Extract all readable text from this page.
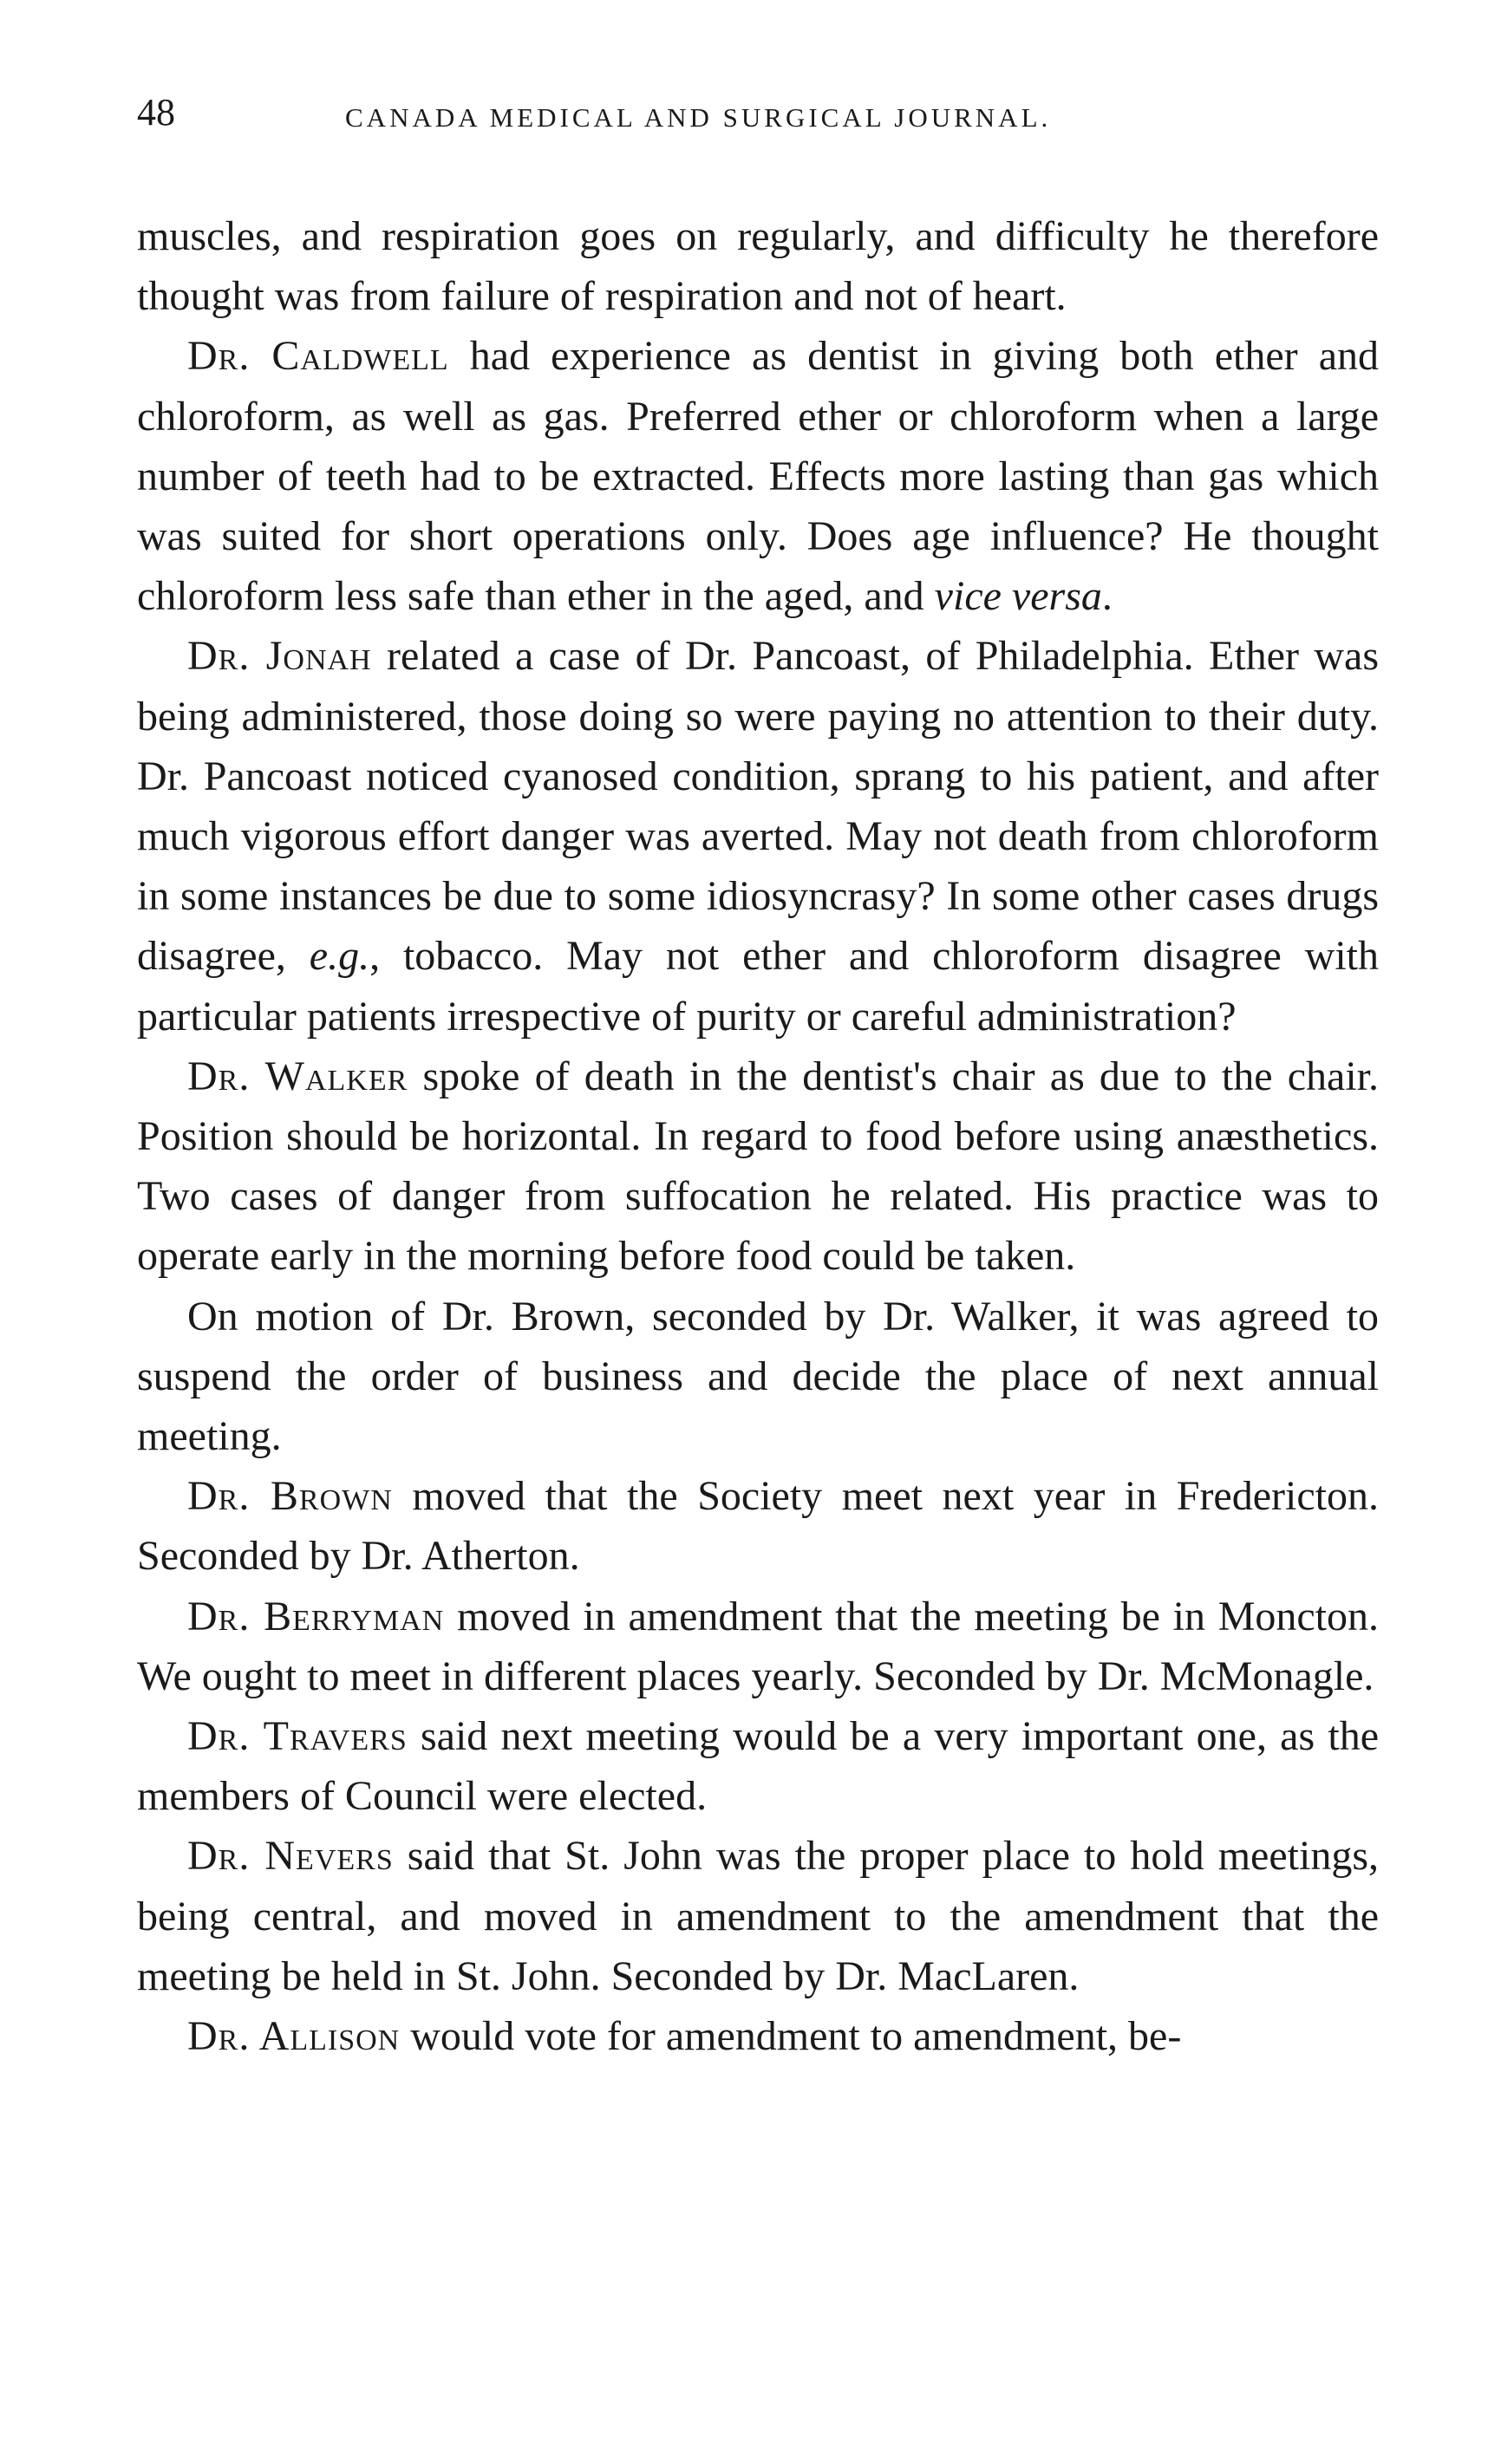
48	CANADA MEDICAL AND SURGICAL JOURNAL.

muscles, and respiration goes on regularly, and difficulty he therefore thought was from failure of respiration and not of heart.

Dr. Caldwell had experience as dentist in giving both ether and chloroform, as well as gas. Preferred ether or chloroform when a large number of teeth had to be extracted. Effects more lasting than gas which was suited for short operations only. Does age influence? He thought chloroform less safe than ether in the aged, and vice versa.

Dr. Jonah related a case of Dr. Pancoast, of Philadelphia. Ether was being administered, those doing so were paying no attention to their duty. Dr. Pancoast noticed cyanosed condition, sprang to his patient, and after much vigorous effort danger was averted. May not death from chloroform in some instances be due to some idiosyncrasy? In some other cases drugs disagree, e.g., tobacco. May not ether and chloroform disagree with particular patients irrespective of purity or careful administration?

Dr. Walker spoke of death in the dentist's chair as due to the chair. Position should be horizontal. In regard to food before using anæsthetics. Two cases of danger from suffocation he related. His practice was to operate early in the morning before food could be taken.

On motion of Dr. Brown, seconded by Dr. Walker, it was agreed to suspend the order of business and decide the place of next annual meeting.

Dr. Brown moved that the Society meet next year in Fredericton. Seconded by Dr. Atherton.

Dr. Berryman moved in amendment that the meeting be in Moncton. We ought to meet in different places yearly. Seconded by Dr. McMonagle.

Dr. Travers said next meeting would be a very important one, as the members of Council were elected.

Dr. Nevers said that St. John was the proper place to hold meetings, being central, and moved in amendment to the amendment that the meeting be held in St. John. Seconded by Dr. MacLaren.

Dr. Allison would vote for amendment to amendment, be-
